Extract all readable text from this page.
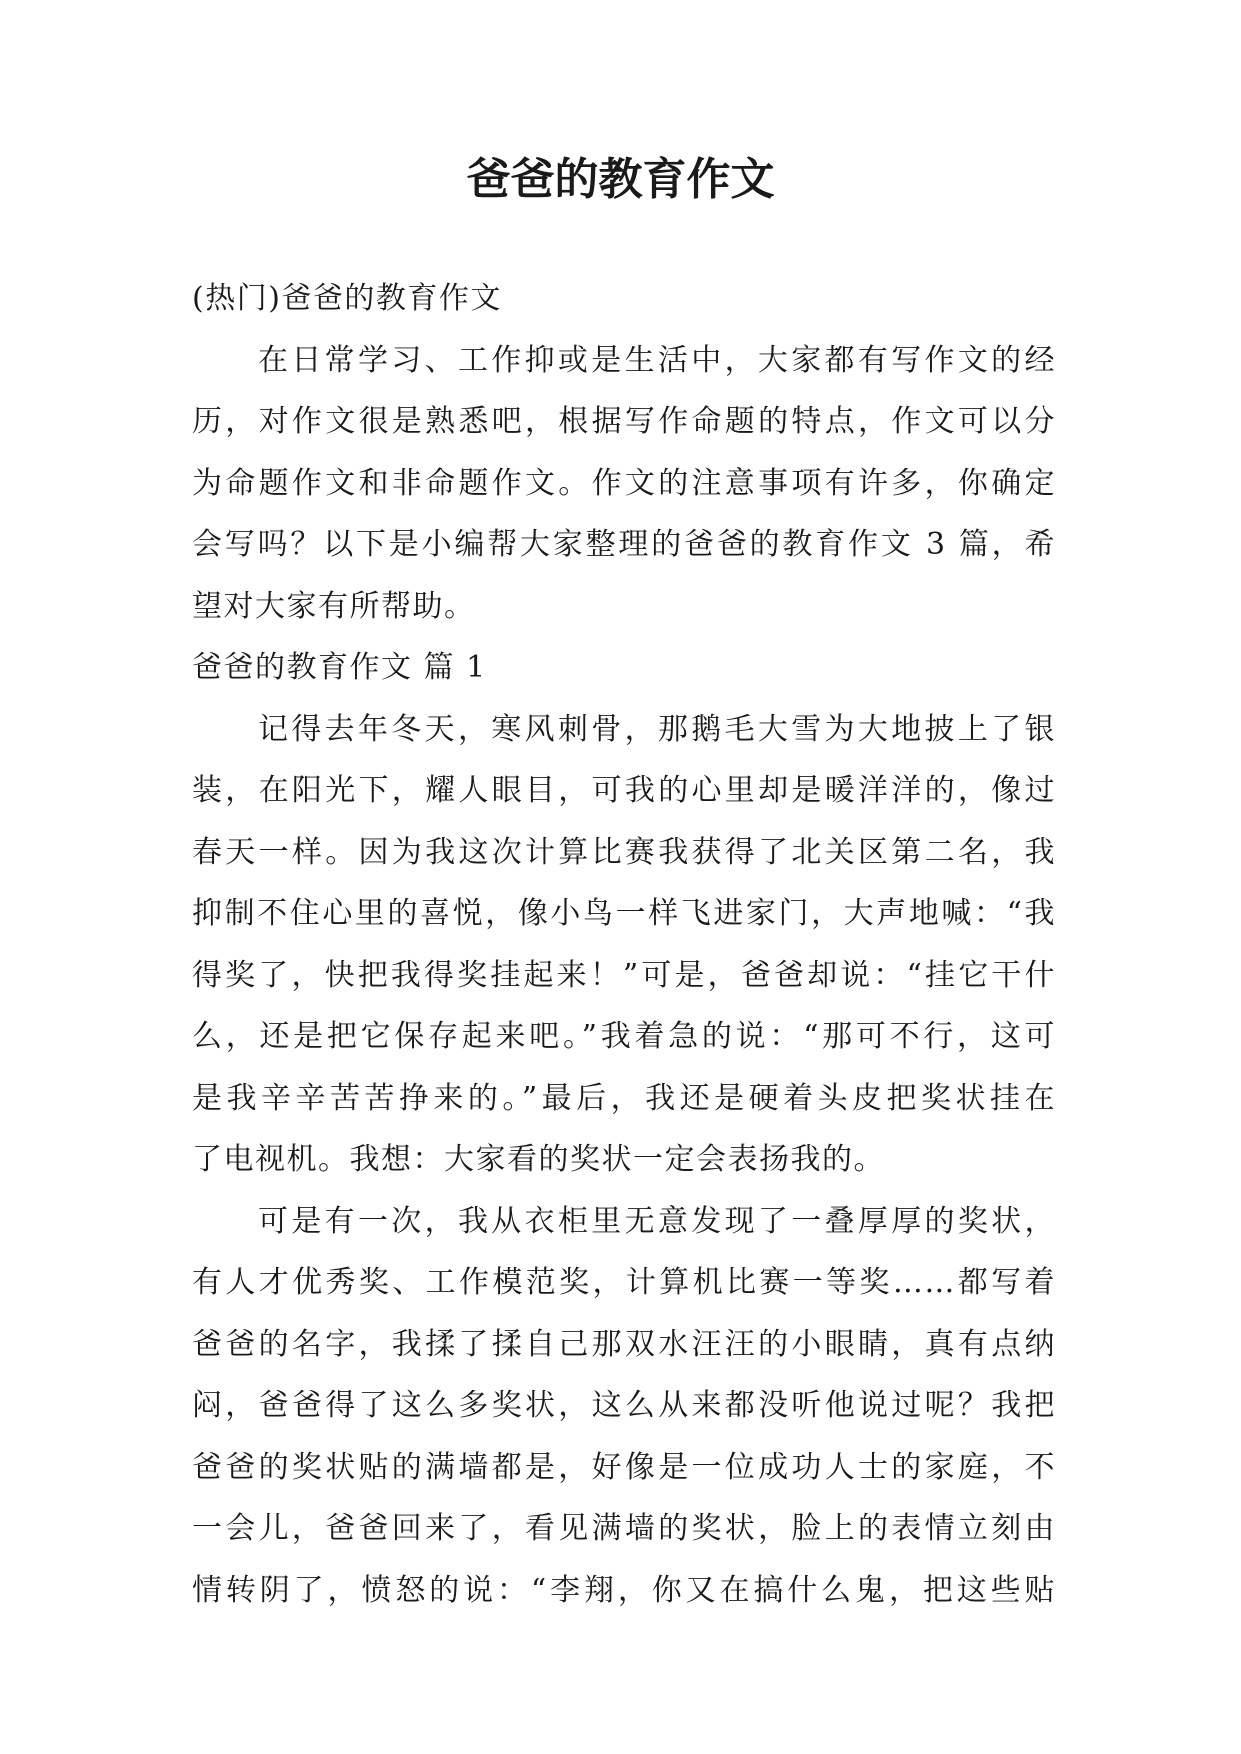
爸爸的教育作文
(热门)爸爸的教育作文
在日常学习、工作抑或是生活中，大家都有写作文的经
历，对作文很是熟悉吧，根据写作命题的特点，作文可以分
为命题作文和非命题作文。作文的注意事项有许多，你确定
会写吗？以下是小编帮大家整理的爸爸的教育作文 3 篇，希
望对大家有所帮助。
爸爸的教育作文 篇 1
记得去年冬天，寒风刺骨，那鹅毛大雪为大地披上了银
装，在阳光下，耀人眼目，可我的心里却是暖洋洋的，像过
春天一样。因为我这次计算比赛我获得了北关区第二名，我
抑制不住心里的喜悦，像小鸟一样飞进家门，大声地喊：“我
得奖了，快把我得奖挂起来！”可是，爸爸却说：“挂它干什
么，还是把它保存起来吧。”我着急的说：“那可不行，这可
是我辛辛苦苦挣来的。”最后，我还是硬着头皮把奖状挂在
了电视机。我想：大家看的奖状一定会表扬我的。
可是有一次，我从衣柜里无意发现了一叠厚厚的奖状，
有人才优秀奖、工作模范奖，计算机比赛一等奖……都写着
爸爸的名字，我揉了揉自己那双水汪汪的小眼睛，真有点纳
闷，爸爸得了这么多奖状，这么从来都没听他说过呢？我把
爸爸的奖状贴的满墙都是，好像是一位成功人士的家庭，不
一会儿，爸爸回来了，看见满墙的奖状，脸上的表情立刻由
情转阴了，愤怒的说：“李翔，你又在搞什么鬼，把这些贴
